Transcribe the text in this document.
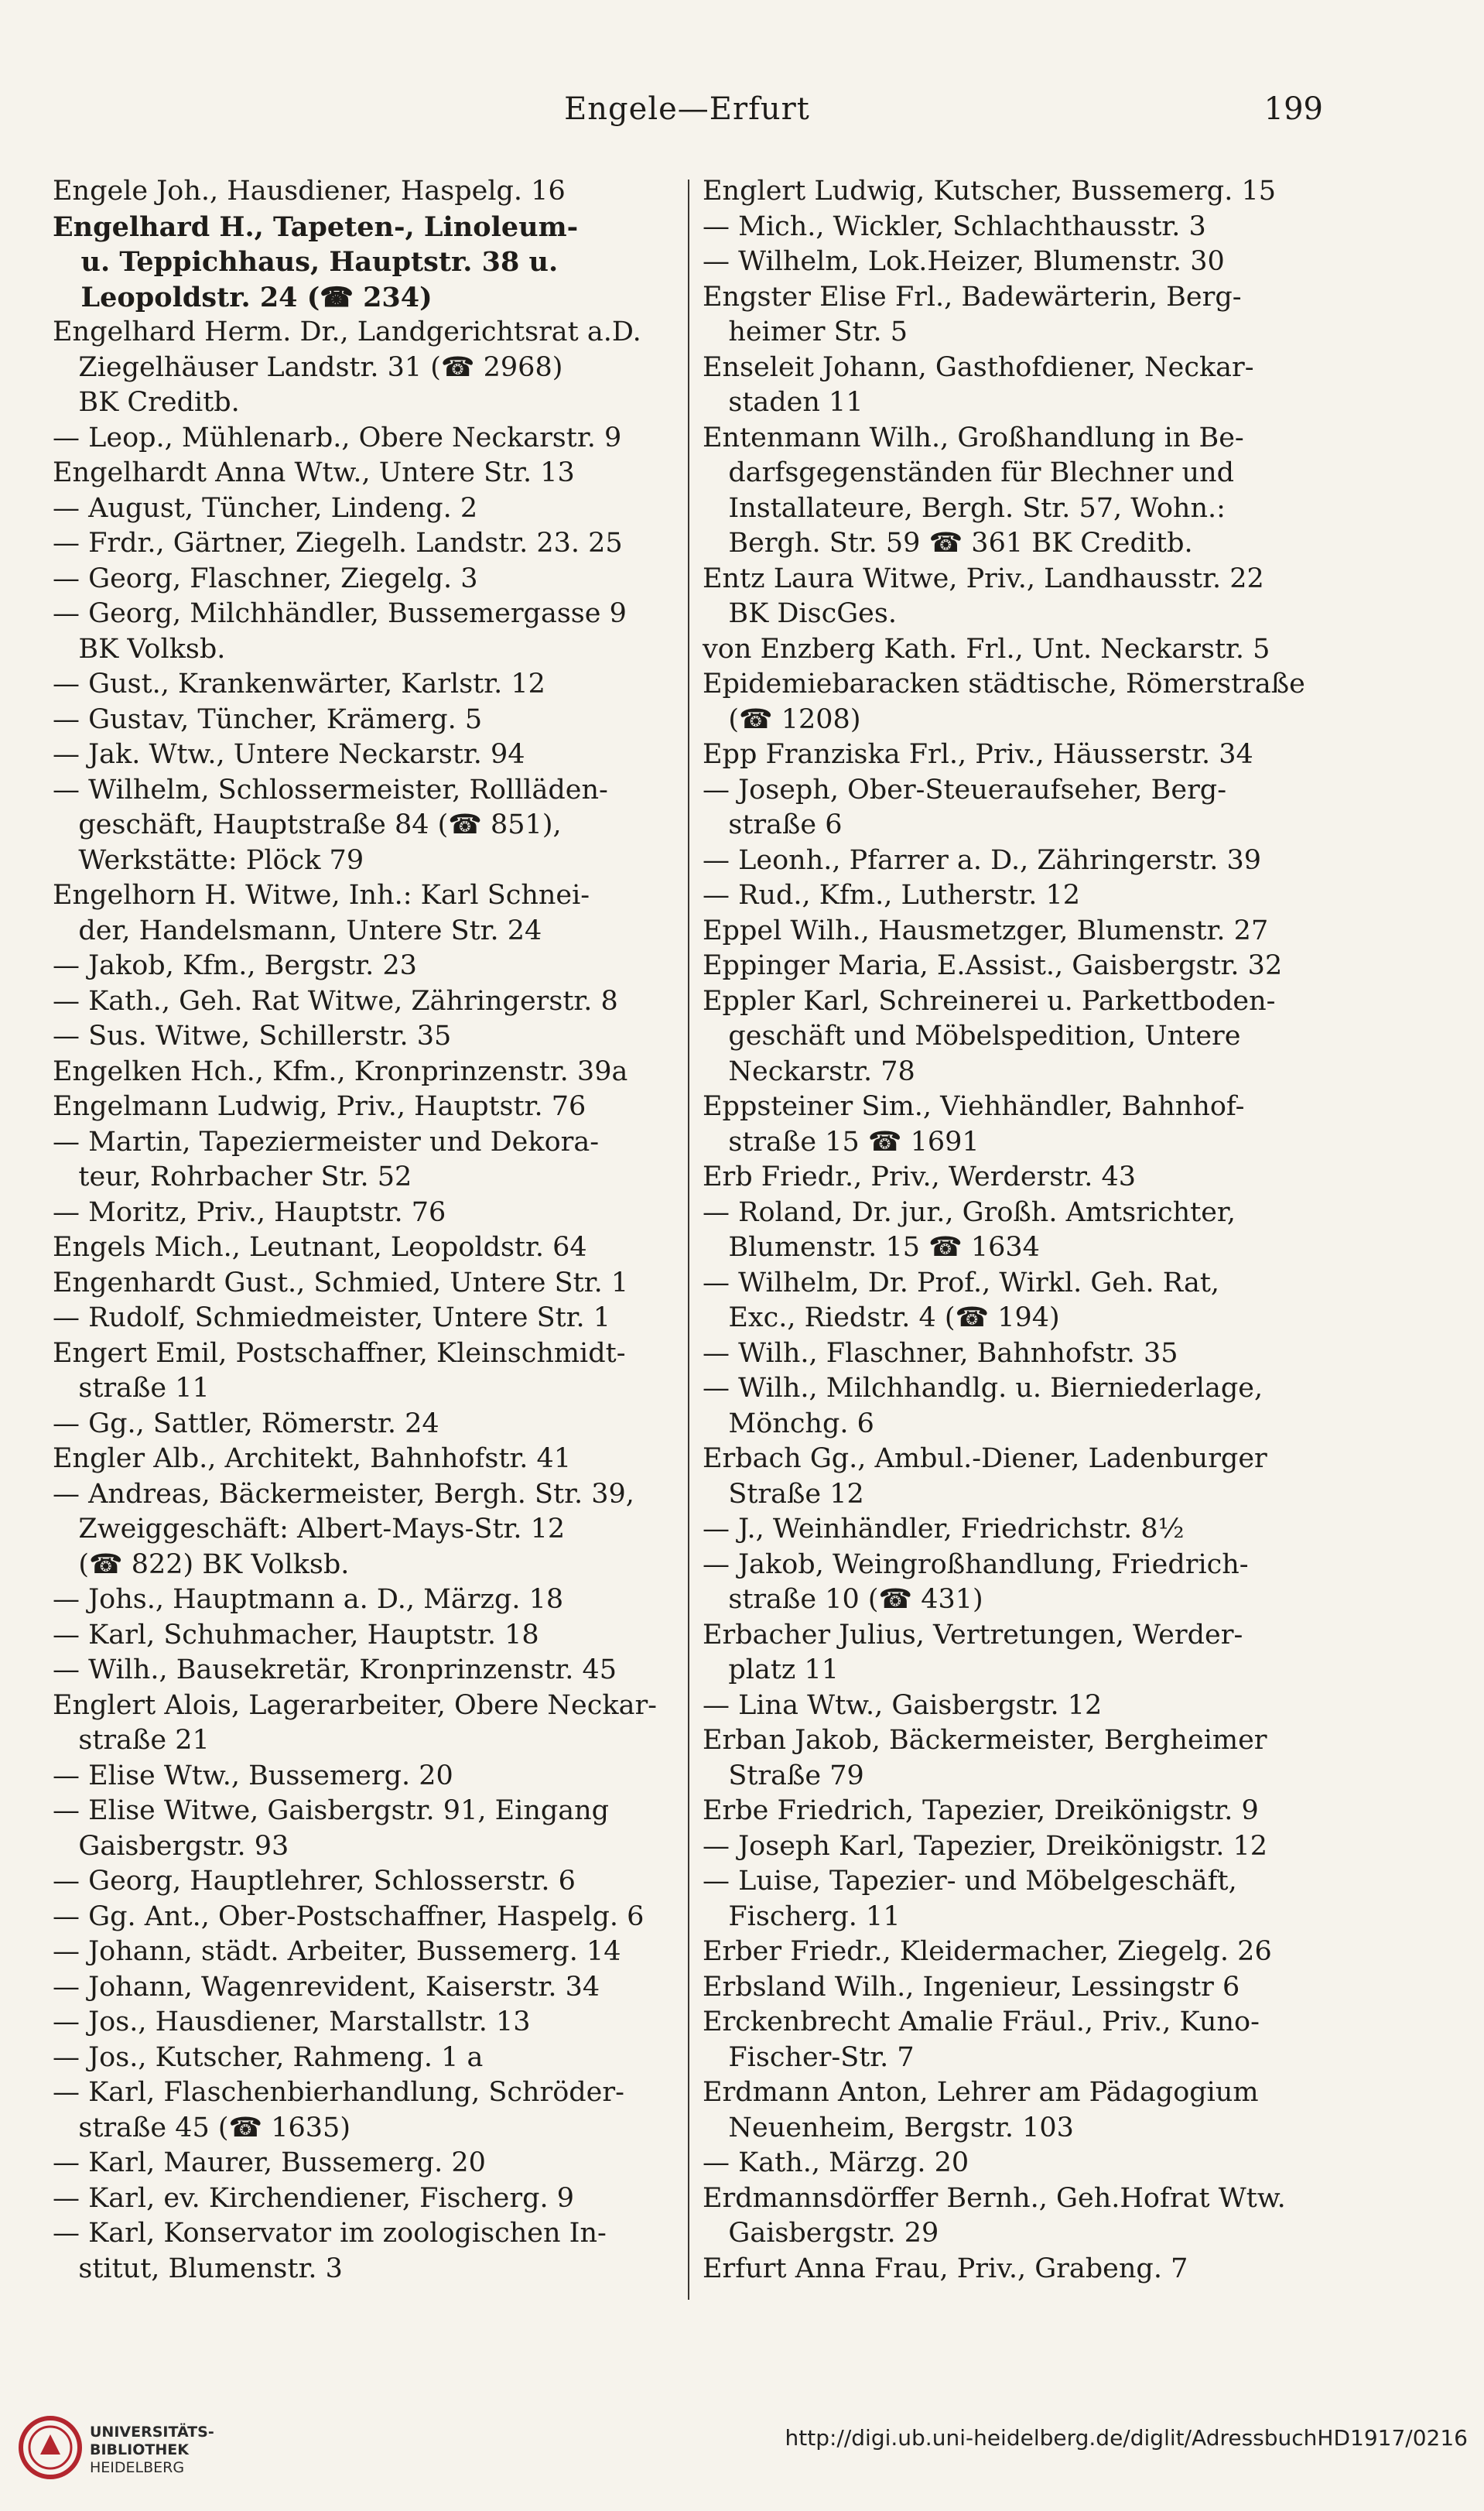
Engele—Erfurt	199
Engele Joh., Hausdiener, Haspelg. 16
Engelhard H., Tapeten-, Linoleum-
u. Teppichhaus, Hauptstr. 38 u.
Leopoldstr. 24 (☎ 234)
Engelhard Herm. Dr., Landgerichtsrat a.D.
Ziegelhäuser Landstr. 31 (☎ 2968)
BK Creditb.
— Leop., Mühlenarb., Obere Neckarstr. 9
Engelhardt Anna Wtw., Untere Str. 13
— August, Tüncher, Lindeng. 2
— Frdr., Gärtner, Ziegelh. Landstr. 23. 25
— Georg, Flaschner, Ziegelg. 3
— Georg, Milchhändler, Bussemergasse 9
BK Volksb.
— Gust., Krankenwärter, Karlstr. 12
— Gustav, Tüncher, Krämerg. 5
— Jak. Wtw., Untere Neckarstr. 94
— Wilhelm, Schlossermeister, Rollläden-
geschäft, Hauptstraße 84 (☎ 851),
Werkstätte: Plöck 79
Engelhorn H. Witwe, Inh.: Karl Schnei-
der, Handelsmann, Untere Str. 24
— Jakob, Kfm., Bergstr. 23
— Kath., Geh. Rat Witwe, Zähringerstr. 8
— Sus. Witwe, Schillerstr. 35
Engelken Hch., Kfm., Kronprinzenstr. 39a
Engelmann Ludwig, Priv., Hauptstr. 76
— Martin, Tapeziermeister und Dekora-
teur, Rohrbacher Str. 52
— Moritz, Priv., Hauptstr. 76
Engels Mich., Leutnant, Leopoldstr. 64
Engenhardt Gust., Schmied, Untere Str. 1
— Rudolf, Schmiedmeister, Untere Str. 1
Engert Emil, Postschaffner, Kleinschmidt-
straße 11
— Gg., Sattler, Römerstr. 24
Engler Alb., Architekt, Bahnhofstr. 41
— Andreas, Bäckermeister, Bergh. Str. 39,
Zweiggeschäft: Albert-Mays-Str. 12
(☎ 822) BK Volksb.
— Johs., Hauptmann a. D., Märzg. 18
— Karl, Schuhmacher, Hauptstr. 18
— Wilh., Bausekretär, Kronprinzenstr. 45
Englert Alois, Lagerarbeiter, Obere Neckar-
straße 21
— Elise Wtw., Bussemerg. 20
— Elise Witwe, Gaisbergstr. 91, Eingang
Gaisbergstr. 93
— Georg, Hauptlehrer, Schlosserstr. 6
— Gg. Ant., Ober-Postschaffner, Haspelg. 6
— Johann, städt. Arbeiter, Bussemerg. 14
— Johann, Wagenrevident, Kaiserstr. 34
— Jos., Hausdiener, Marstallstr. 13
— Jos., Kutscher, Rahmeng. 1 a
— Karl, Flaschenbierhandlung, Schröder-
straße 45 (☎ 1635)
— Karl, Maurer, Bussemerg. 20
— Karl, ev. Kirchendiener, Fischerg. 9
— Karl, Konservator im zoologischen In-
stitut, Blumenstr. 3
Englert Ludwig, Kutscher, Bussemerg. 15
— Mich., Wickler, Schlachthausstr. 3
— Wilhelm, Lok.Heizer, Blumenstr. 30
Engster Elise Frl., Badewärterin, Berg-
heimer Str. 5
Enseleit Johann, Gasthofdiener, Neckar-
staden 11
Entenmann Wilh., Großhandlung in Be-
darfsgegenständen für Blechner und
Installateure, Bergh. Str. 57, Wohn.:
Bergh. Str. 59 ☎ 361 BK Creditb.
Entz Laura Witwe, Priv., Landhausstr. 22
BK DiscGes.
von Enzberg Kath. Frl., Unt. Neckarstr. 5
Epidemiebaracken städtische, Römerstraße
(☎ 1208)
Epp Franziska Frl., Priv., Häusserstr. 34
— Joseph, Ober-Steueraufseher, Berg-
straße 6
— Leonh., Pfarrer a. D., Zähringerstr. 39
— Rud., Kfm., Lutherstr. 12
Eppel Wilh., Hausmetzger, Blumenstr. 27
Eppinger Maria, E.Assist., Gaisbergstr. 32
Eppler Karl, Schreinerei u. Parkettboden-
geschäft und Möbelspedition, Untere
Neckarstr. 78
Eppsteiner Sim., Viehhändler, Bahnhof-
straße 15 ☎ 1691
Erb Friedr., Priv., Werderstr. 43
— Roland, Dr. jur., Großh. Amtsrichter,
Blumenstr. 15 ☎ 1634
— Wilhelm, Dr. Prof., Wirkl. Geh. Rat,
Exc., Riedstr. 4 (☎ 194)
— Wilh., Flaschner, Bahnhofstr. 35
— Wilh., Milchhandlg. u. Bierniederlage,
Mönchg. 6
Erbach Gg., Ambul.-Diener, Ladenburger
Straße 12
— J., Weinhändler, Friedrichstr. 8½
— Jakob, Weingroßhandlung, Friedrich-
straße 10 (☎ 431)
Erbacher Julius, Vertretungen, Werder-
platz 11
— Lina Wtw., Gaisbergstr. 12
Erban Jakob, Bäckermeister, Bergheimer
Straße 79
Erbe Friedrich, Tapezier, Dreikönigstr. 9
— Joseph Karl, Tapezier, Dreikönigstr. 12
— Luise, Tapezier- und Möbelgeschäft,
Fischerg. 11
Erber Friedr., Kleidermacher, Ziegelg. 26
Erbsland Wilh., Ingenieur, Lessingstr 6
Erckenbrecht Amalie Fräul., Priv., Kuno-
Fischer-Str. 7
Erdmann Anton, Lehrer am Pädagogium
Neuenheim, Bergstr. 103
— Kath., Märzg. 20
Erdmannsdörffer Bernh., Geh.Hofrat Wtw.
Gaisbergstr. 29
Erfurt Anna Frau, Priv., Grabeng. 7
UNIVERSITÄTS-
BIBLIOTHEK
HEIDELBERG
http://digi.ub.uni-heidelberg.de/diglit/AdressbuchHD1917/0216
